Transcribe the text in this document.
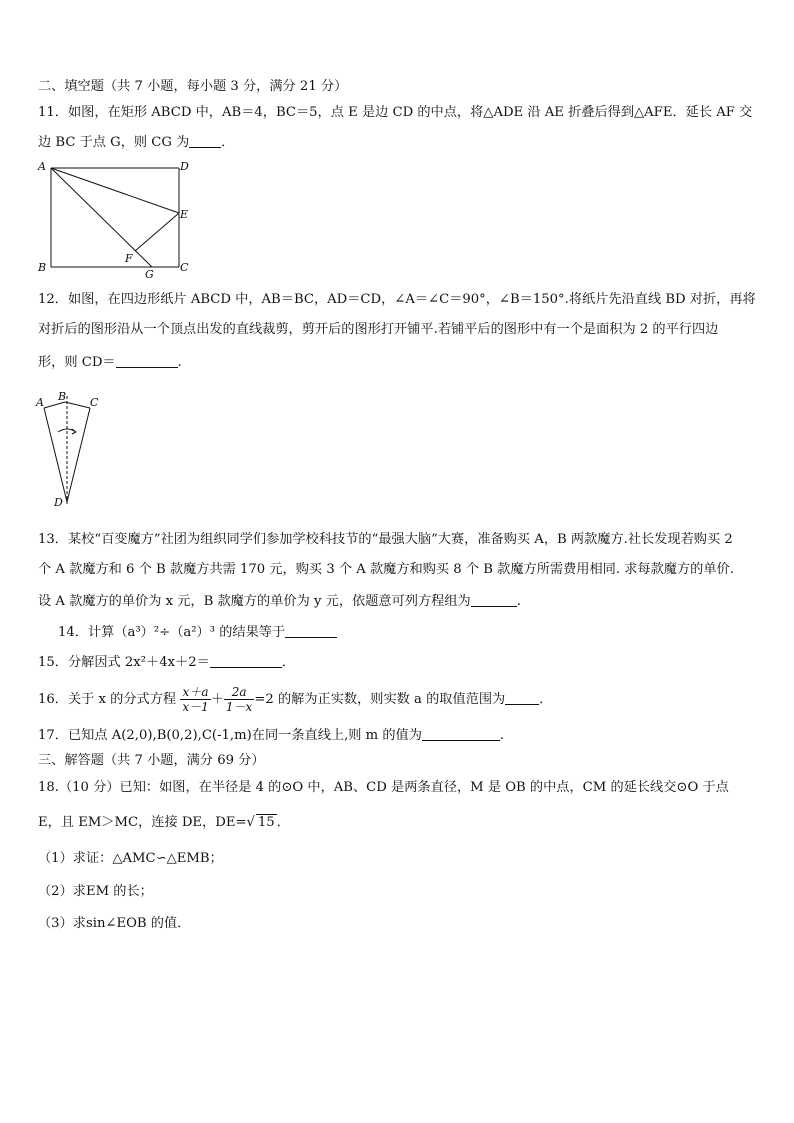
二、填空题（共 7 小题，每小题 3 分，满分 21 分）
11．如图，在矩形 ABCD 中，AB＝4，BC＝5，点 E 是边 CD 的中点，将△ADE 沿 AE 折叠后得到△AFE．延长 AF 交
边 BC 于点 G，则 CG 为 ．
A	D
E
B
F
G
C
12．如图，在四边形纸片 ABCD 中，AB＝BC，AD＝CD，∠A＝∠C＝90°，∠B＝150°.将纸片先沿直线 BD 对折，再将
对折后的图形沿从一个顶点出发的直线裁剪，剪开后的图形打开铺平.若铺平后的图形中有一个是面积为 2 的平行四边
形，则 CD＝	.
A B C
D
13．某校“百变魔方”社团为组织同学们参加学校科技节的“最强大脑”大赛，准备购买 A，B 两款魔方.社长发现若购买 2
个 A 款魔方和 6 个 B 款魔方共需 170 元，购买 3 个 A 款魔方和购买 8 个 B 款魔方所需费用相同. 求每款魔方的单价.
设 A 款魔方的单价为 x 元，B 款魔方的单价为 y 元，依题意可列方程组为	.
14．计算（a³）²÷（a²）³ 的结果等于
15．分解因式 2x²＋4x＋2＝	．
16．关于 x 的分式方程 $\frac{x+a}{x-1} + \frac{2a}{1-x} =2$ 的解为正实数，则实数 a 的取值范围为	．
17．已知点 A(2,0),B(0,2),C(-1,m)在同一条直线上,则 m 的值为	.
三、解答题（共 7 小题，满分 69 分）
18.（10 分）已知：如图，在半径是 4 的⊙O 中，AB、CD 是两条直径，M 是 OB 的中点，CM 的延长线交⊙O 于点
E，且 EM＞MC，连接 DE，DE=√ 15 ．
（1）求证：△AMC∽△EMB；
（2）求EM 的长；
（3）求sin∠EOB 的值．
